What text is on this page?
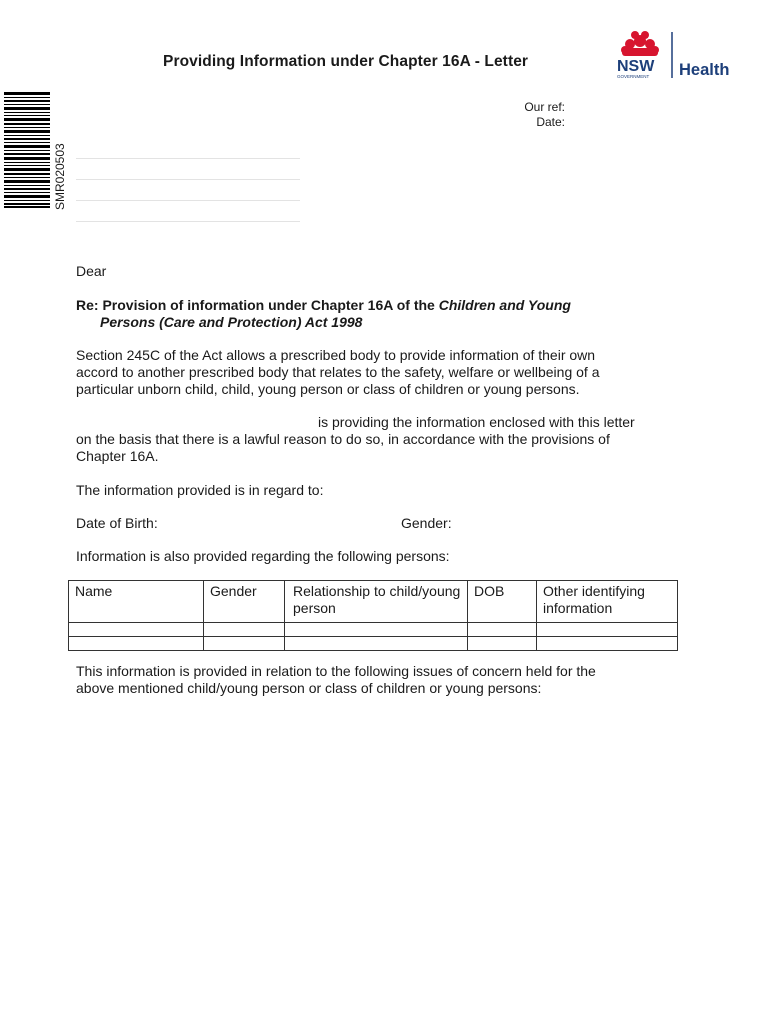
Providing Information under Chapter 16A - Letter	NSW
GOVERNMENT Health
SMR020503
Our ref:
Date:
Dear
Re: Provision of information under Chapter 16A of the Children and Young
Persons (Care and Protection) Act 1998
Section 245C of the Act allows a prescribed body to provide information of their own
accord to another prescribed body that relates to the safety, welfare or wellbeing of a
particular unborn child, child, young person or class of children or young persons.
is providing the information enclosed with this letter
on the basis that there is a lawful reason to do so, in accordance with the provisions of
Chapter 16A.
The information provided is in regard to:
Date of Birth:	Gender:
Information is also provided regarding the following persons:
Name	Gender	Relationship to child/young person	DOB	Other identifying information

This information is provided in relation to the following issues of concern held for the
above mentioned child/young person or class of children or young persons:
